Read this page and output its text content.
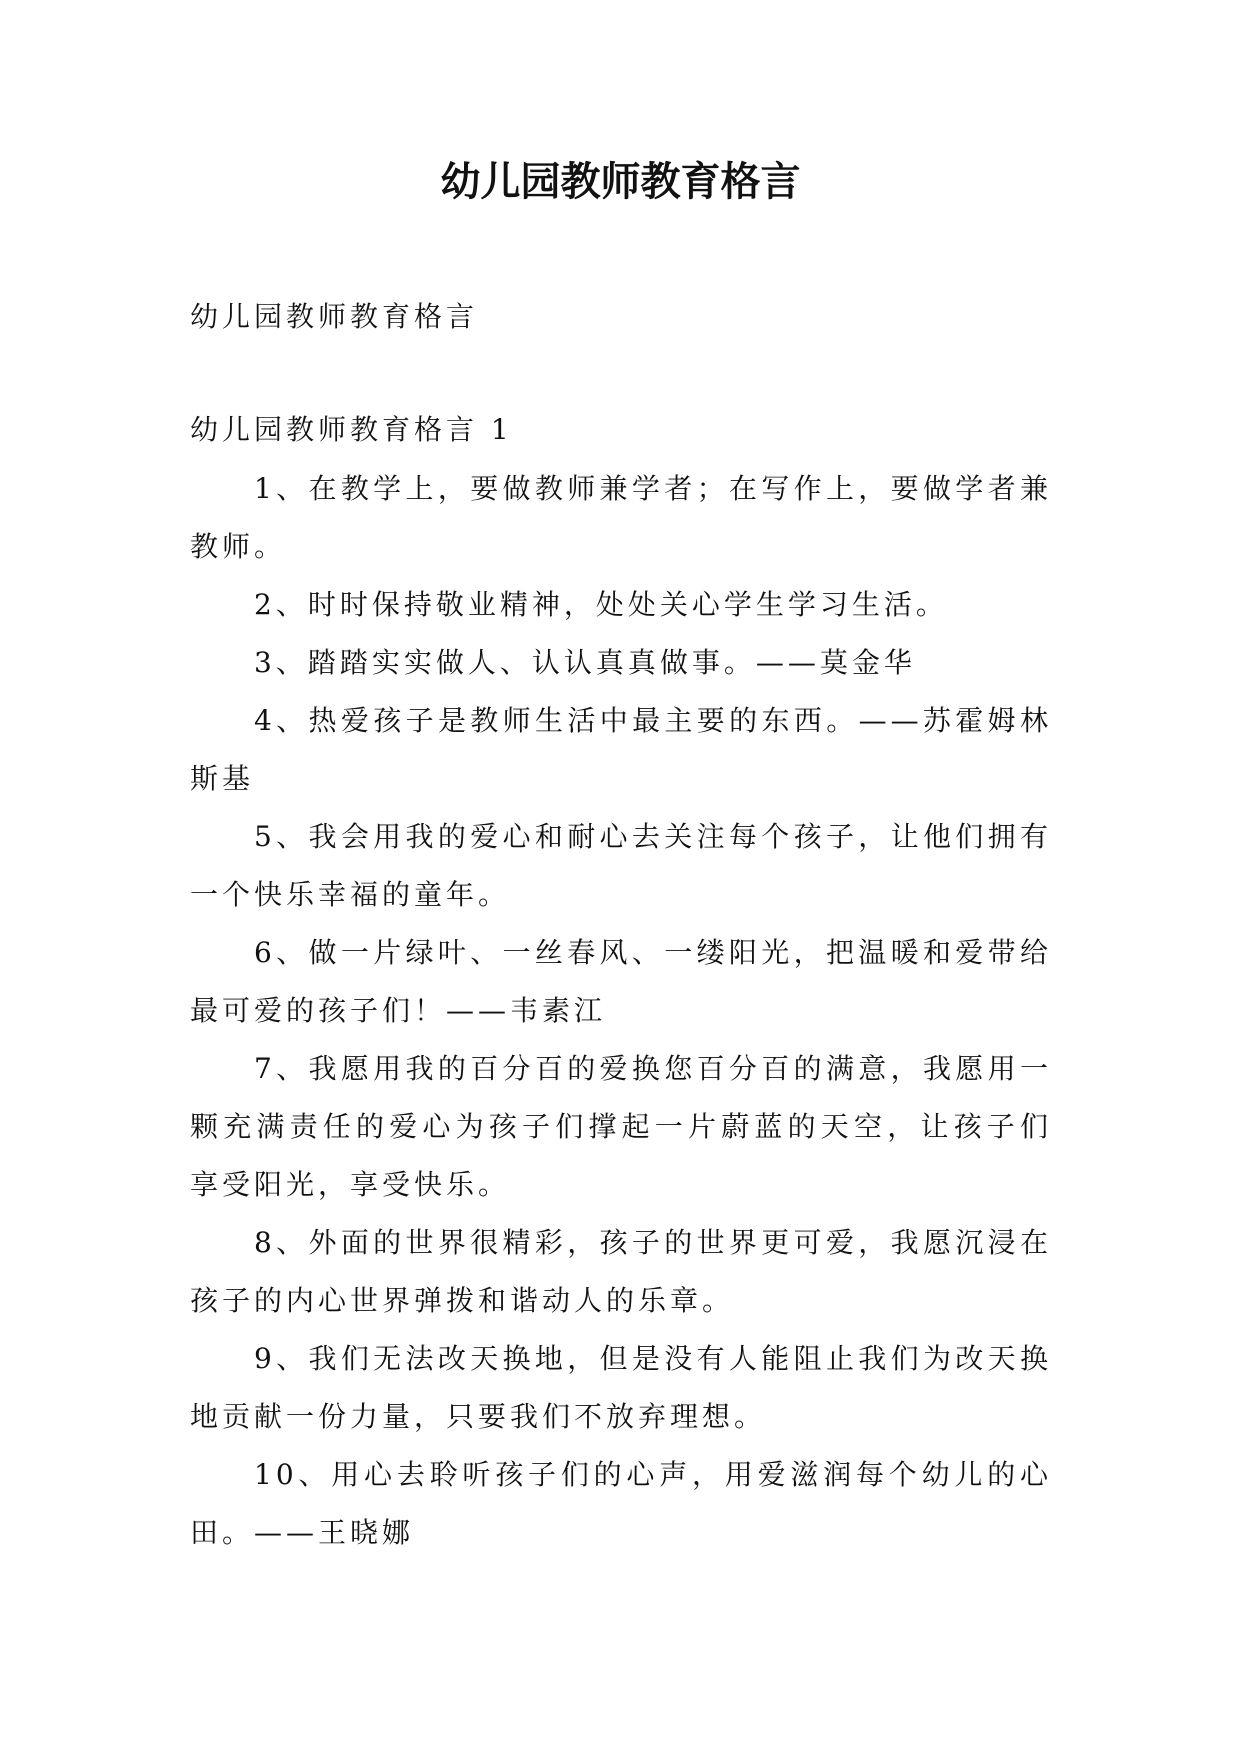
幼儿园教师教育格言

幼儿园教师教育格言

幼儿园教师教育格言 1

1、在教学上，要做教师兼学者；在写作上，要做学者兼教师。
2、时时保持敬业精神，处处关心学生学习生活。
3、踏踏实实做人、认认真真做事。——莫金华
4、热爱孩子是教师生活中最主要的东西。——苏霍姆林斯基
5、我会用我的爱心和耐心去关注每个孩子，让他们拥有一个快乐幸福的童年。
6、做一片绿叶、一丝春风、一缕阳光，把温暖和爱带给最可爱的孩子们！——韦素江
7、我愿用我的百分百的爱换您百分百的满意，我愿用一颗充满责任的爱心为孩子们撑起一片蔚蓝的天空，让孩子们享受阳光，享受快乐。
8、外面的世界很精彩，孩子的世界更可爱，我愿沉浸在孩子的内心世界弹拨和谐动人的乐章。
9、我们无法改天换地，但是没有人能阻止我们为改天换地贡献一份力量，只要我们不放弃理想。
10、用心去聆听孩子们的心声，用爱滋润每个幼儿的心田。——王晓娜
